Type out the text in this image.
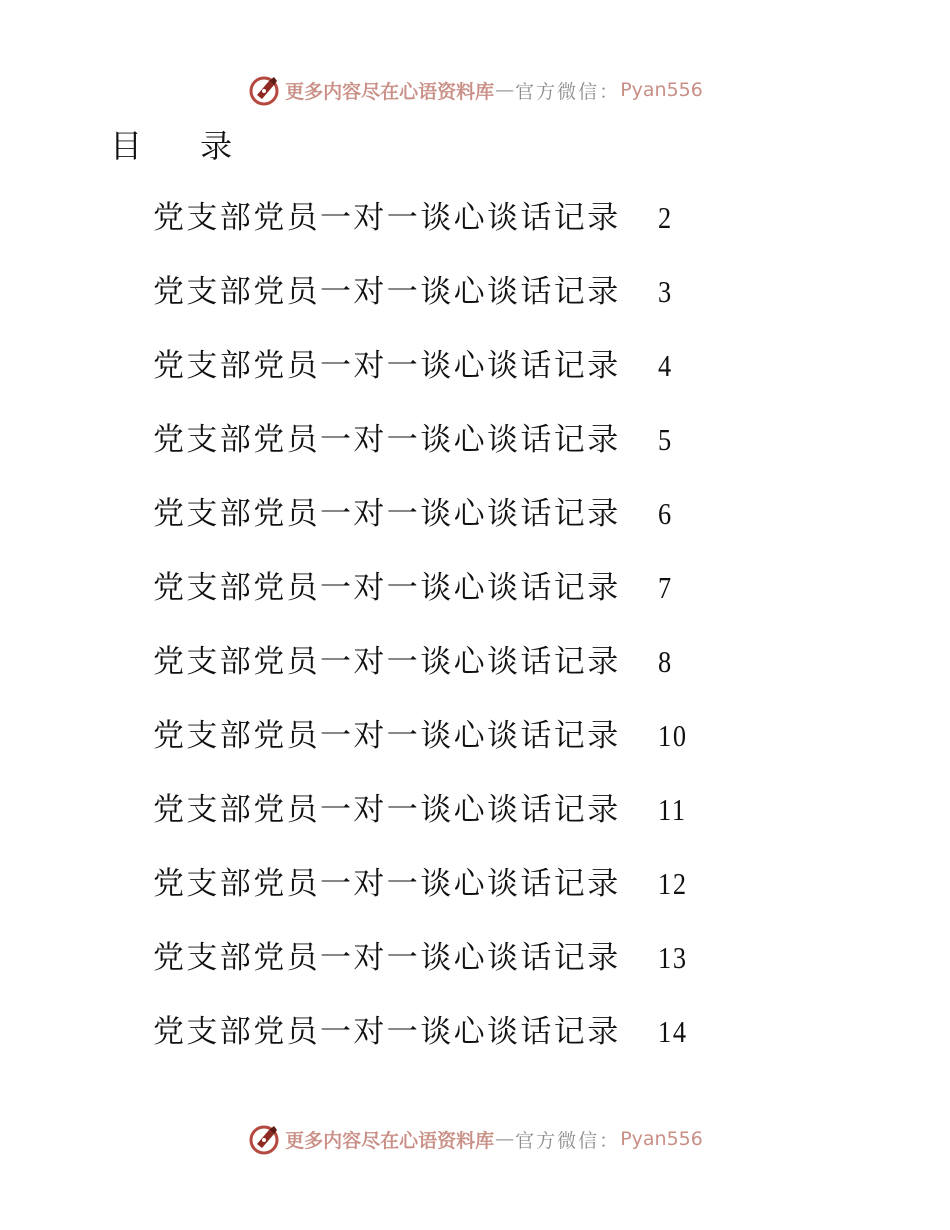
更多内容尽在心语资料库 — 官方微信： Pyan556
目 录
党支部党员一对一谈心谈话记录	2
党支部党员一对一谈心谈话记录	3
党支部党员一对一谈心谈话记录	4
党支部党员一对一谈心谈话记录	5
党支部党员一对一谈心谈话记录	6
党支部党员一对一谈心谈话记录	7
党支部党员一对一谈心谈话记录	8
党支部党员一对一谈心谈话记录	10
党支部党员一对一谈心谈话记录	11
党支部党员一对一谈心谈话记录	12
党支部党员一对一谈心谈话记录	13
党支部党员一对一谈心谈话记录	14
更多内容尽在心语资料库 — 官方微信： Pyan556
